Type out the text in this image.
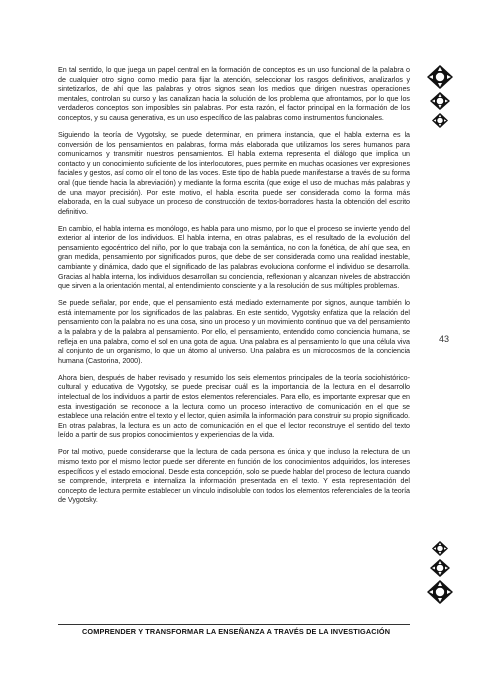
En tal sentido, lo que juega un papel central en la formación de conceptos es un uso funcional de la palabra o de cualquier otro signo como medio para fijar la atención, seleccionar los rasgos definitivos, analizarlos y sintetizarlos, de ahí que las palabras y otros signos sean los medios que dirigen nuestras operaciones mentales, controlan su curso y las canalizan hacia la solución de los problema que afrontamos, por lo que los verdaderos conceptos son imposibles sin palabras. Por esta razón, el factor principal en la formación de los conceptos, y su causa generativa, es un uso específico de las palabras como instrumentos funcionales.

Siguiendo la teoría de Vygotsky, se puede determinar, en primera instancia, que el habla externa es la conversión de los pensamientos en palabras, forma más elaborada que utilizamos los seres humanos para comunicarnos y transmitir nuestros pensamientos. El habla externa representa el diálogo que implica un contacto y un conocimiento suficiente de los interlocutores, pues permite en muchas ocasiones ver expresiones faciales y gestos, así como oír el tono de las voces. Este tipo de habla puede manifestarse a través de su forma oral (que tiende hacia la abreviación) y mediante la forma escrita (que exige el uso de muchas más palabras y de una mayor precisión). Por este motivo, el habla escrita puede ser considerada como la forma más elaborada, en la cual subyace un proceso de construcción de textos-borradores hasta la obtención del escrito definitivo.

En cambio, el habla interna es monólogo, es habla para uno mismo, por lo que el proceso se invierte yendo del exterior al interior de los individuos. El habla interna, en otras palabras, es el resultado de la evolución del pensamiento egocéntrico del niño, por lo que trabaja con la semántica, no con la fonética, de ahí que sea, en gran medida, pensamiento por significados puros, que debe de ser considerada como una realidad inestable, cambiante y dinámica, dado que el significado de las palabras evoluciona conforme el individuo se desarrolla. Gracias al habla interna, los individuos desarrollan su conciencia, reflexionan y alcanzan niveles de abstracción que sirven a la orientación mental, al entendimiento consciente y a la resolución de sus múltiples problemas.

Se puede señalar, por ende, que el pensamiento está mediado externamente por signos, aunque también lo está internamente por los significados de las palabras. En este sentido, Vygotsky enfatiza que la relación del pensamiento con la palabra no es una cosa, sino un proceso y un movimiento continuo que va del pensamiento a la palabra y de la palabra al pensamiento. Por ello, el pensamiento, entendido como conciencia humana, se refleja en una palabra, como el sol en una gota de agua. Una palabra es al pensamiento lo que una célula viva al conjunto de un organismo, lo que un átomo al universo. Una palabra es un microcosmos de la conciencia humana (Castorina, 2000).

Ahora bien, después de haber revisado y resumido los seis elementos principales de la teoría sociohistórico-cultural y educativa de Vygotsky, se puede precisar cuál es la importancia de la lectura en el desarrollo intelectual de los individuos a partir de estos elementos referenciales. Para ello, es importante expresar que en esta investigación se reconoce a la lectura como un proceso interactivo de comunicación en el que se establece una relación entre el texto y el lector, quien asimila la información para construir su propio significado. En otras palabras, la lectura es un acto de comunicación en el que el lector reconstruye el sentido del texto leído a partir de sus propios conocimientos y experiencias de la vida.

Por tal motivo, puede considerarse que la lectura de cada persona es única y que incluso la relectura de un mismo texto por el mismo lector puede ser diferente en función de los conocimientos adquiridos, los intereses específicos y el estado emocional. Desde esta concepción, solo se puede hablar del proceso de lectura cuando se comprende, interpreta e internaliza la información presentada en el texto. Y esta representación del concepto de lectura permite establecer un vínculo indisoluble con todos los elementos referenciales de la teoría de Vygotsky.

43
COMPRENDER Y TRANSFORMAR LA ENSEÑANZA A TRAVÉS DE LA INVESTIGACIÓN
